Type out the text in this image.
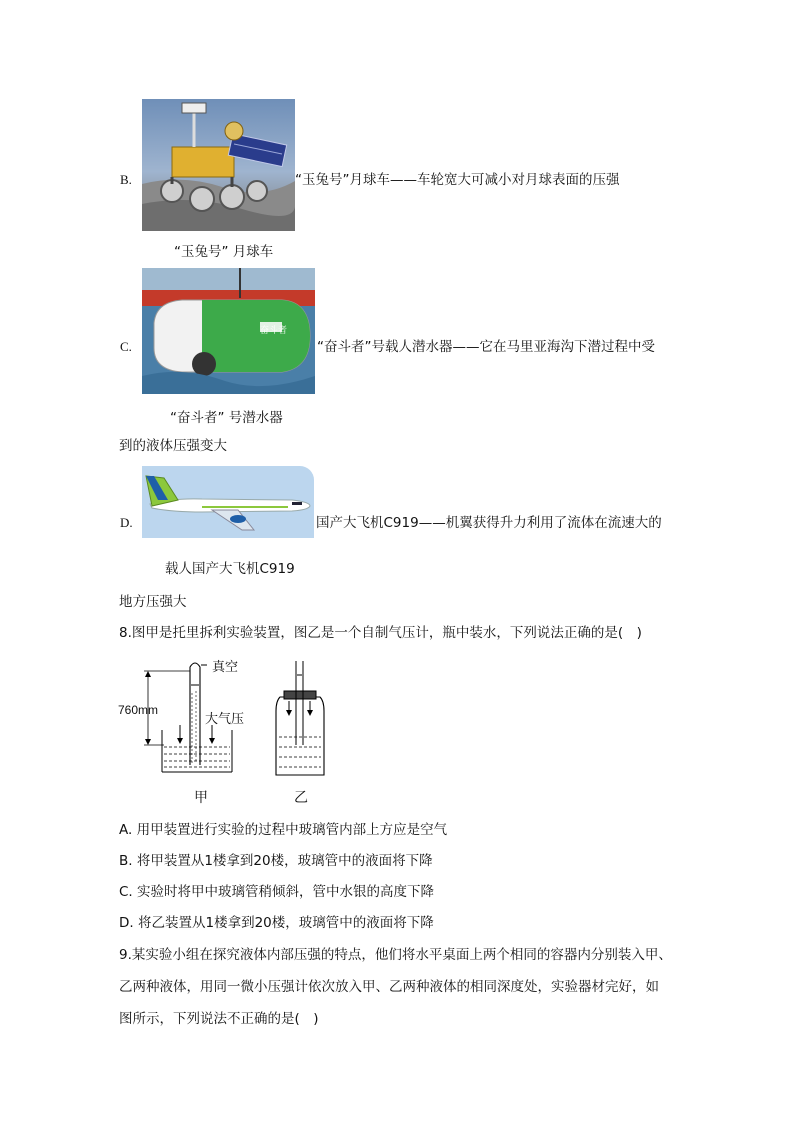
B.	“玉兔号”月球车——车轮宽大可减小对月球表面的压强
“玉兔号” 月球车
C.
奋斗者
“奋斗者”号载人潜水器——它在马里亚海沟下潜过程中受
“奋斗者” 号潜水器
到的液体压强变大
D.	国产大飞机C919——机翼获得升力利用了流体在流速大的
载人国产大飞机C919
地方压强大
8.图甲是托里拆利实验装置，图乙是一个自制气压计，瓶中装水，下列说法正确的是(　)
真空
760mm
大气压
甲	乙
A. 用甲装置进行实验的过程中玻璃管内部上方应是空气
B. 将甲装置从1楼拿到20楼，玻璃管中的液面将下降
C. 实验时将甲中玻璃管稍倾斜，管中水银的高度下降
D. 将乙装置从1楼拿到20楼，玻璃管中的液面将下降
9.某实验小组在探究液体内部压强的特点，他们将水平桌面上两个相同的容器内分别装入甲、
乙两种液体，用同一微小压强计依次放入甲、乙两种液体的相同深度处，实验器材完好，如
图所示，下列说法不正确的是(　)
